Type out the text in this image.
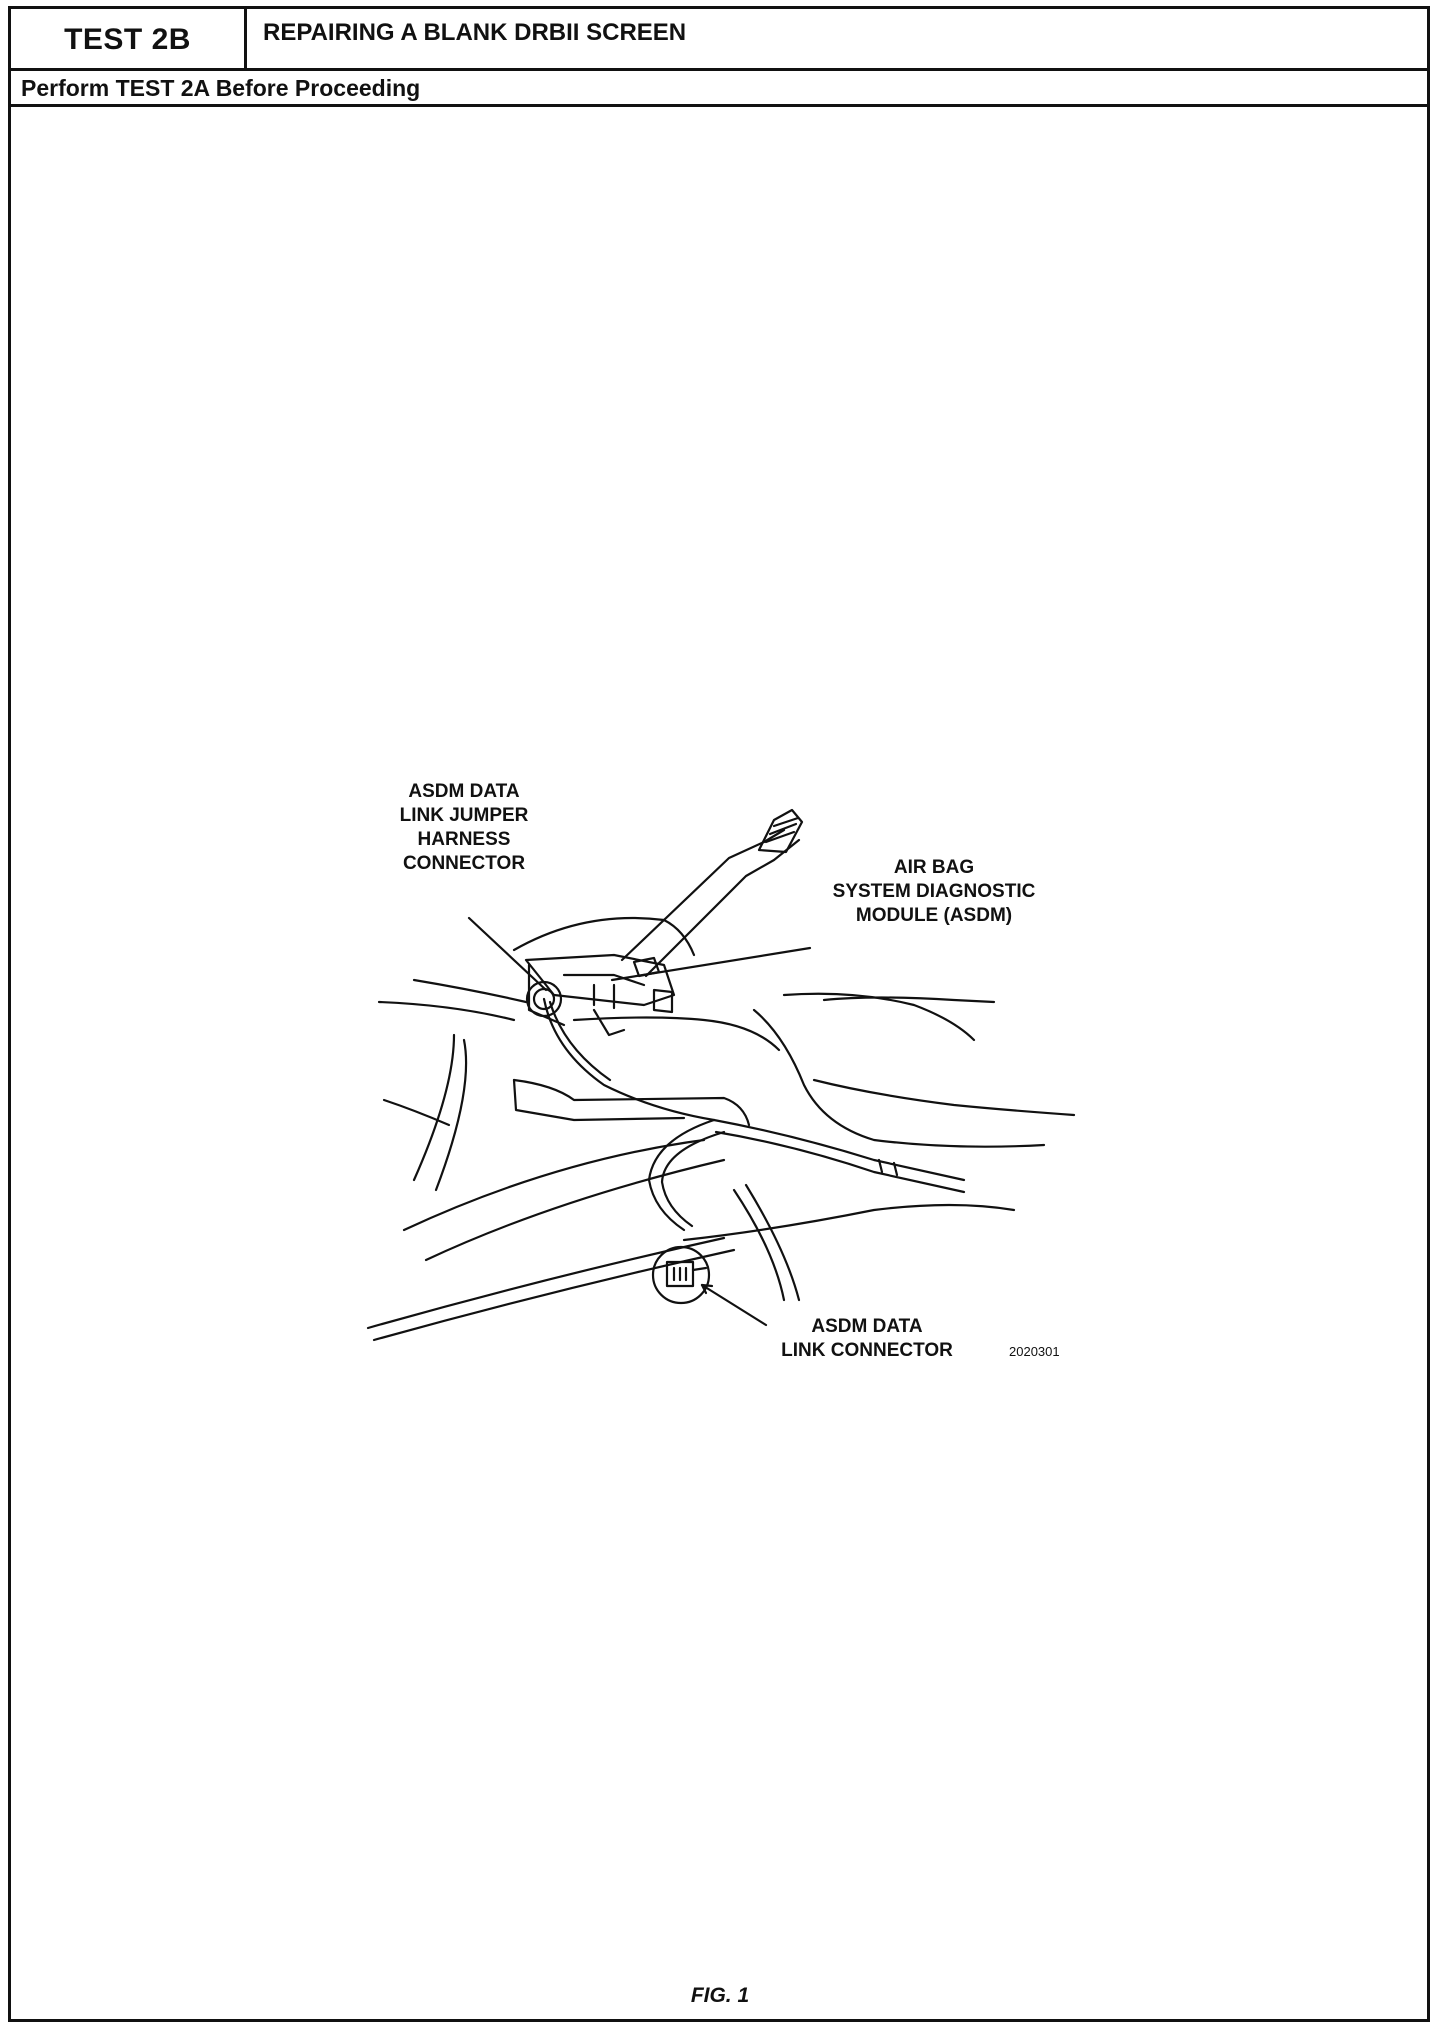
TEST 2B	REPAIRING A BLANK DRBII SCREEN
Perform TEST 2A Before Proceeding
ASDM DATA
LINK JUMPER
HARNESS
CONNECTOR	AIR BAG
SYSTEM DIAGNOSTIC
MODULE (ASDM)
ASDM DATA
LINK CONNECTOR	2020301
FIG. 1
